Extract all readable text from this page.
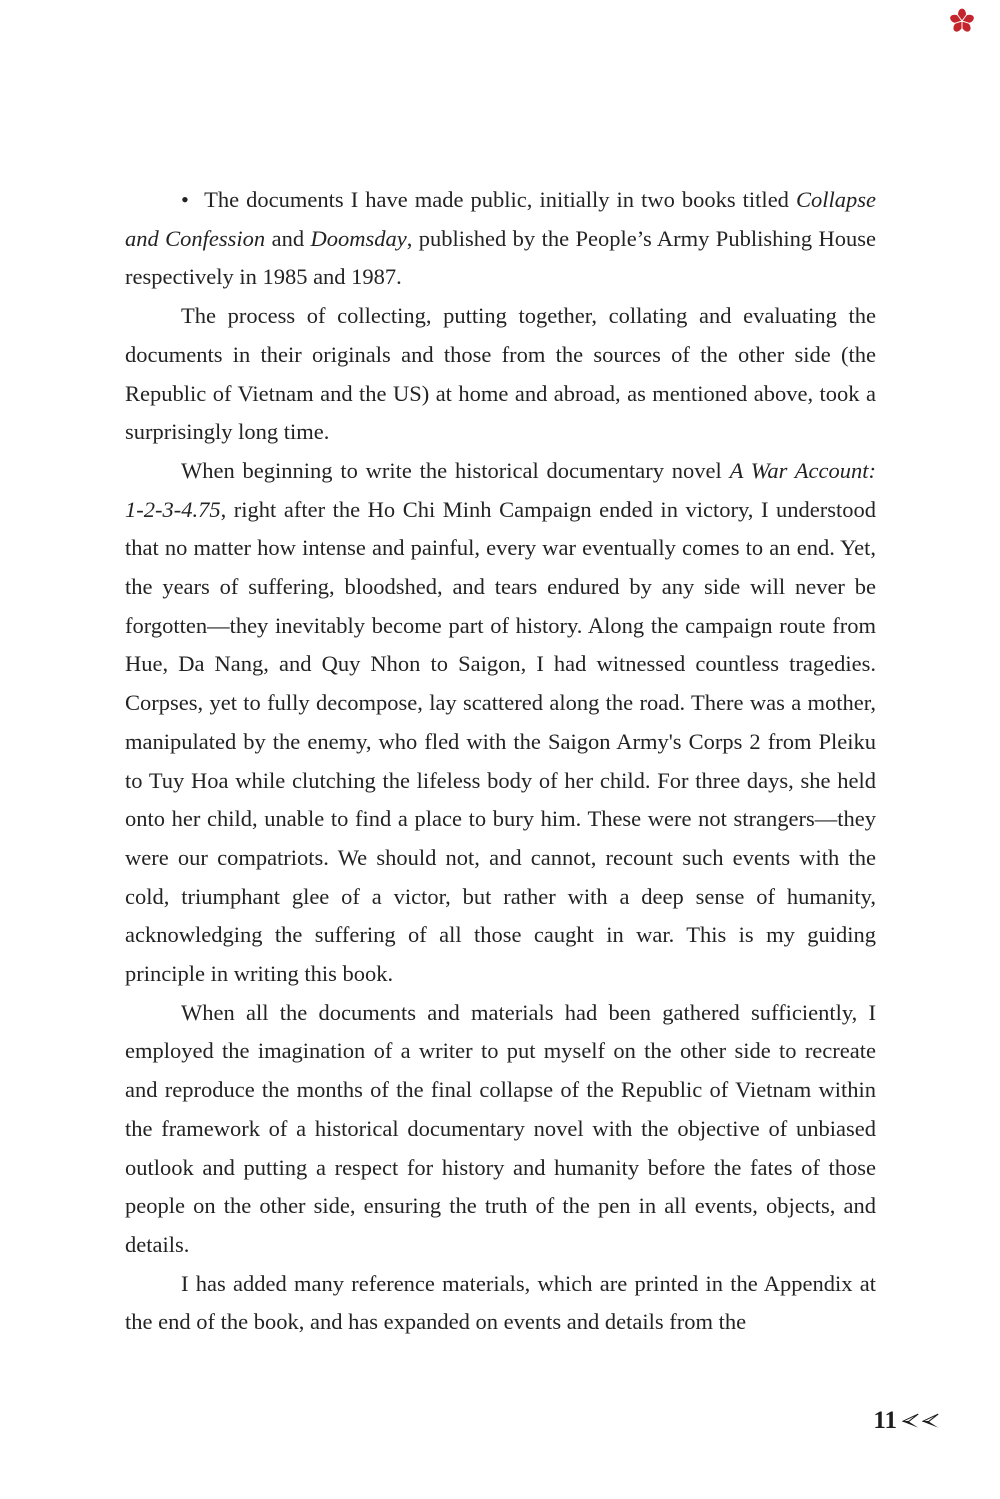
• The documents I have made public, initially in two books titled Collapse and Confession and Doomsday, published by the People’s Army Publishing House respectively in 1985 and 1987.

The process of collecting, putting together, collating and evaluating the documents in their originals and those from the sources of the other side (the Republic of Vietnam and the US) at home and abroad, as mentioned above, took a surprisingly long time.

When beginning to write the historical documentary novel A War Account: 1-2-3-4.75, right after the Ho Chi Minh Campaign ended in victory, I understood that no matter how intense and painful, every war eventually comes to an end. Yet, the years of suffering, bloodshed, and tears endured by any side will never be forgotten—they inevitably become part of history. Along the campaign route from Hue, Da Nang, and Quy Nhon to Saigon, I had witnessed countless tragedies. Corpses, yet to fully decompose, lay scattered along the road. There was a mother, manipulated by the enemy, who fled with the Saigon Army's Corps 2 from Pleiku to Tuy Hoa while clutching the lifeless body of her child. For three days, she held onto her child, unable to find a place to bury him. These were not strangers—they were our compatriots. We should not, and cannot, recount such events with the cold, triumphant glee of a victor, but rather with a deep sense of humanity, acknowledging the suffering of all those caught in war. This is my guiding principle in writing this book.

When all the documents and materials had been gathered sufficiently, I employed the imagination of a writer to put myself on the other side to recreate and reproduce the months of the final collapse of the Republic of Vietnam within the framework of a historical documentary novel with the objective of unbiased outlook and putting a respect for history and humanity before the fates of those people on the other side, ensuring the truth of the pen in all events, objects, and details.

I has added many reference materials, which are printed in the Appendix at the end of the book, and has expanded on events and details from the

11
